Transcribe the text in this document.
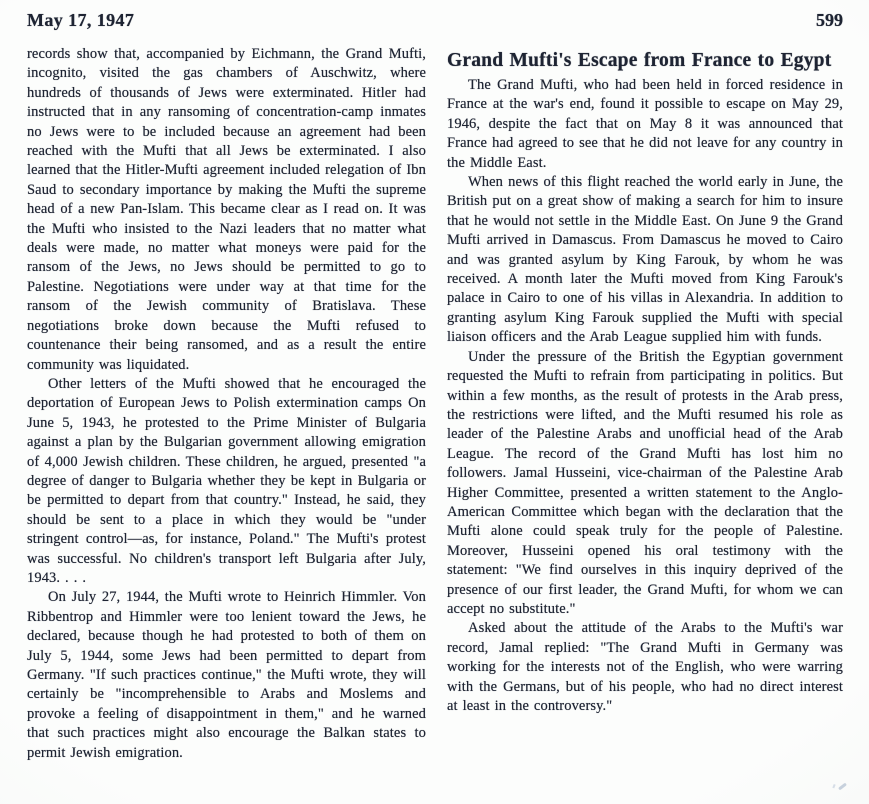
May 17, 1947	599

records show that, accompanied by Eichmann, the Grand Mufti, incognito, visited the gas chambers of Auschwitz, where hundreds of thousands of Jews were exterminated. Hitler had instructed that in any ransoming of concentration-camp inmates no Jews were to be included because an agreement had been reached with the Mufti that all Jews be exterminated. I also learned that the Hitler-Mufti agreement included relegation of Ibn Saud to secondary importance by making the Mufti the supreme head of a new Pan-Islam. This became clear as I read on. It was the Mufti who insisted to the Nazi leaders that no matter what deals were made, no matter what moneys were paid for the ransom of the Jews, no Jews should be permitted to go to Palestine. Negotiations were under way at that time for the ransom of the Jewish community of Bratislava. These negotiations broke down because the Mufti refused to countenance their being ransomed, and as a result the entire community was liquidated.

Other letters of the Mufti showed that he encouraged the deportation of European Jews to Polish extermination camps On June 5, 1943, he protested to the Prime Minister of Bulgaria against a plan by the Bulgarian government allowing emigration of 4,000 Jewish children. These children, he argued, presented "a degree of danger to Bulgaria whether they be kept in Bulgaria or be permitted to depart from that country." Instead, he said, they should be sent to a place in which they would be "under stringent control—as, for instance, Poland." The Mufti's protest was successful. No children's transport left Bulgaria after July, 1943. . . .

On July 27, 1944, the Mufti wrote to Heinrich Himmler. Von Ribbentrop and Himmler were too lenient toward the Jews, he declared, because though he had protested to both of them on July 5, 1944, some Jews had been permitted to depart from Germany. "If such practices continue," the Mufti wrote, they will certainly be "incomprehensible to Arabs and Moslems and provoke a feeling of disappointment in them," and he warned that such practices might also encourage the Balkan states to permit Jewish emigration.

Grand Mufti's Escape from France to Egypt

The Grand Mufti, who had been held in forced residence in France at the war's end, found it possible to escape on May 29, 1946, despite the fact that on May 8 it was announced that France had agreed to see that he did not leave for any country in the Middle East.

When news of this flight reached the world early in June, the British put on a great show of making a search for him to insure that he would not settle in the Middle East. On June 9 the Grand Mufti arrived in Damascus. From Damascus he moved to Cairo and was granted asylum by King Farouk, by whom he was received. A month later the Mufti moved from King Farouk's palace in Cairo to one of his villas in Alexandria. In addition to granting asylum King Farouk supplied the Mufti with special liaison officers and the Arab League supplied him with funds.

Under the pressure of the British the Egyptian government requested the Mufti to refrain from participating in politics. But within a few months, as the result of protests in the Arab press, the restrictions were lifted, and the Mufti resumed his role as leader of the Palestine Arabs and unofficial head of the Arab League. The record of the Grand Mufti has lost him no followers. Jamal Husseini, vice-chairman of the Palestine Arab Higher Committee, presented a written statement to the Anglo-American Committee which began with the declaration that the Mufti alone could speak truly for the people of Palestine. Moreover, Husseini opened his oral testimony with the statement: "We find ourselves in this inquiry deprived of the presence of our first leader, the Grand Mufti, for whom we can accept no substitute."

Asked about the attitude of the Arabs to the Mufti's war record, Jamal replied: "The Grand Mufti in Germany was working for the interests not of the English, who were warring with the Germans, but of his people, who had no direct interest at least in the controversy."
